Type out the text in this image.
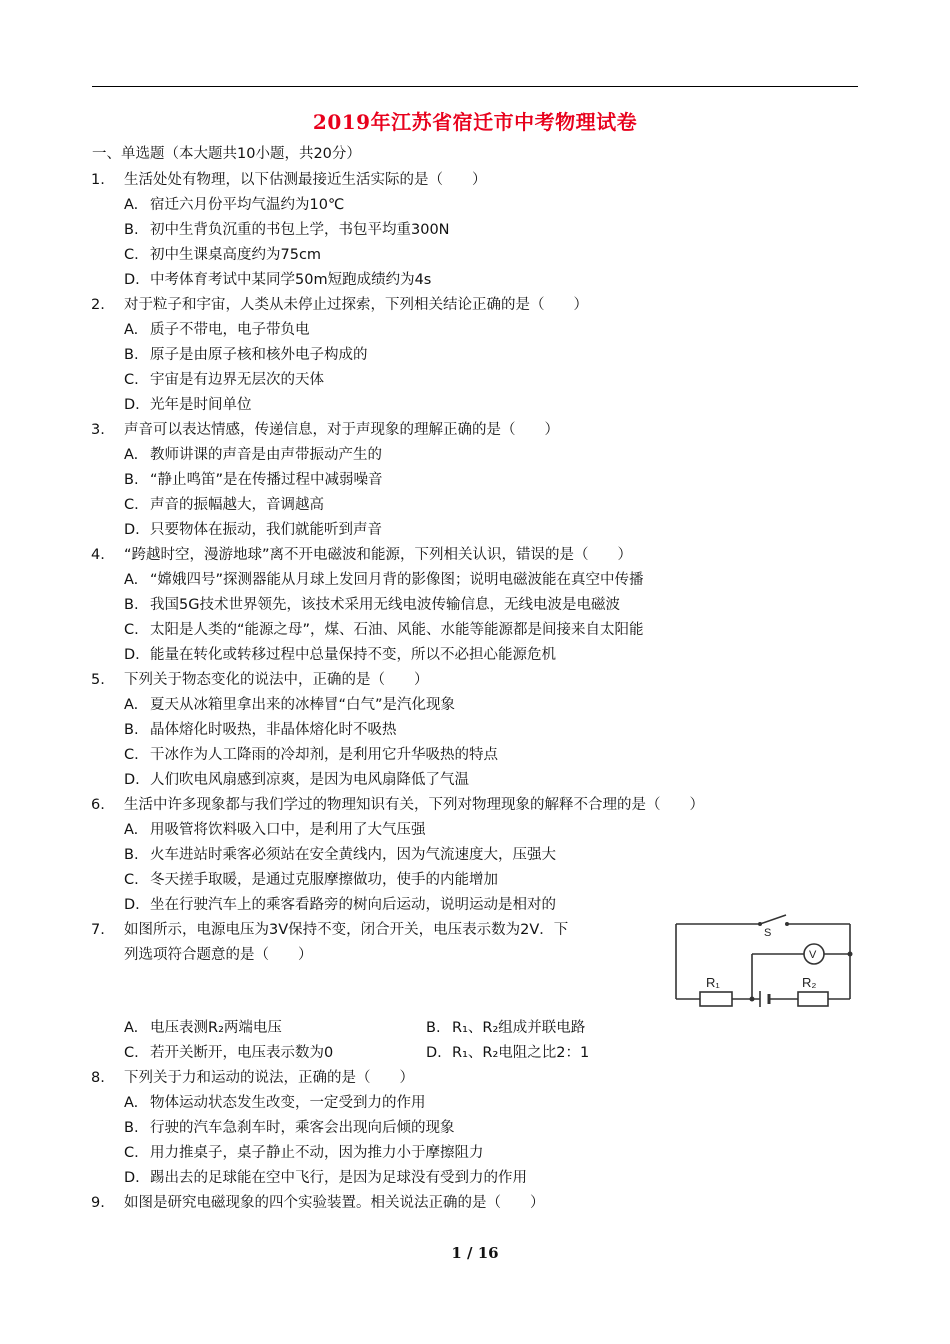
2019年江苏省宿迁市中考物理试卷
一、单选题（本大题共10小题，共20分）
1. 生活处处有物理，以下估测最接近生活实际的是（　　）
A. 宿迁六月份平均气温约为10℃
B. 初中生背负沉重的书包上学，书包平均重300N
C. 初中生课桌高度约为75cm
D. 中考体育考试中某同学50m短跑成绩约为4s
2. 对于粒子和宇宙，人类从未停止过探索，下列相关结论正确的是（　　）
A. 质子不带电，电子带负电
B. 原子是由原子核和核外电子构成的
C. 宇宙是有边界无层次的天体
D. 光年是时间单位
3. 声音可以表达情感，传递信息，对于声现象的理解正确的是（　　）
A. 教师讲课的声音是由声带振动产生的
B. “静止鸣笛”是在传播过程中减弱噪音
C. 声音的振幅越大，音调越高
D. 只要物体在振动，我们就能听到声音
4. “跨越时空，漫游地球”离不开电磁波和能源，下列相关认识，错误的是（　　）
A. “嫦娥四号”探测器能从月球上发回月背的影像图；说明电磁波能在真空中传播
B. 我国5G技术世界领先，该技术采用无线电波传输信息，无线电波是电磁波
C. 太阳是人类的“能源之母”，煤、石油、风能、水能等能源都是间接来自太阳能
D. 能量在转化或转移过程中总量保持不变，所以不必担心能源危机
5. 下列关于物态变化的说法中，正确的是（　　）
A. 夏天从冰箱里拿出来的冰棒冒“白气”是汽化现象
B. 晶体熔化时吸热，非晶体熔化时不吸热
C. 干冰作为人工降雨的冷却剂，是利用它升华吸热的特点
D. 人们吹电风扇感到凉爽，是因为电风扇降低了气温
6. 生活中许多现象都与我们学过的物理知识有关，下列对物理现象的解释不合理的是（　　）
A. 用吸管将饮料吸入口中，是利用了大气压强
B. 火车进站时乘客必须站在安全黄线内，因为气流速度大，压强大
C. 冬天搓手取暖，是通过克服摩擦做功，使手的内能增加
D. 坐在行驶汽车上的乘客看路旁的树向后运动，说明运动是相对的
7. 如图所示，电源电压为3V保持不变，闭合开关，电压表示数为2V．下
列选项符合题意的是（　　）
S
V
R₁	R₂
A. 电压表测R₂两端电压	B. R₁、R₂组成并联电路
C. 若开关断开，电压表示数为0	D. R₁、R₂电阻之比2：1
8. 下列关于力和运动的说法，正确的是（　　）
A. 物体运动状态发生改变，一定受到力的作用
B. 行驶的汽车急刹车时，乘客会出现向后倾的现象
C. 用力推桌子，桌子静止不动，因为推力小于摩擦阻力
D. 踢出去的足球能在空中飞行，是因为足球没有受到力的作用
9. 如图是研究电磁现象的四个实验装置。相关说法正确的是（　　）
1 / 16
